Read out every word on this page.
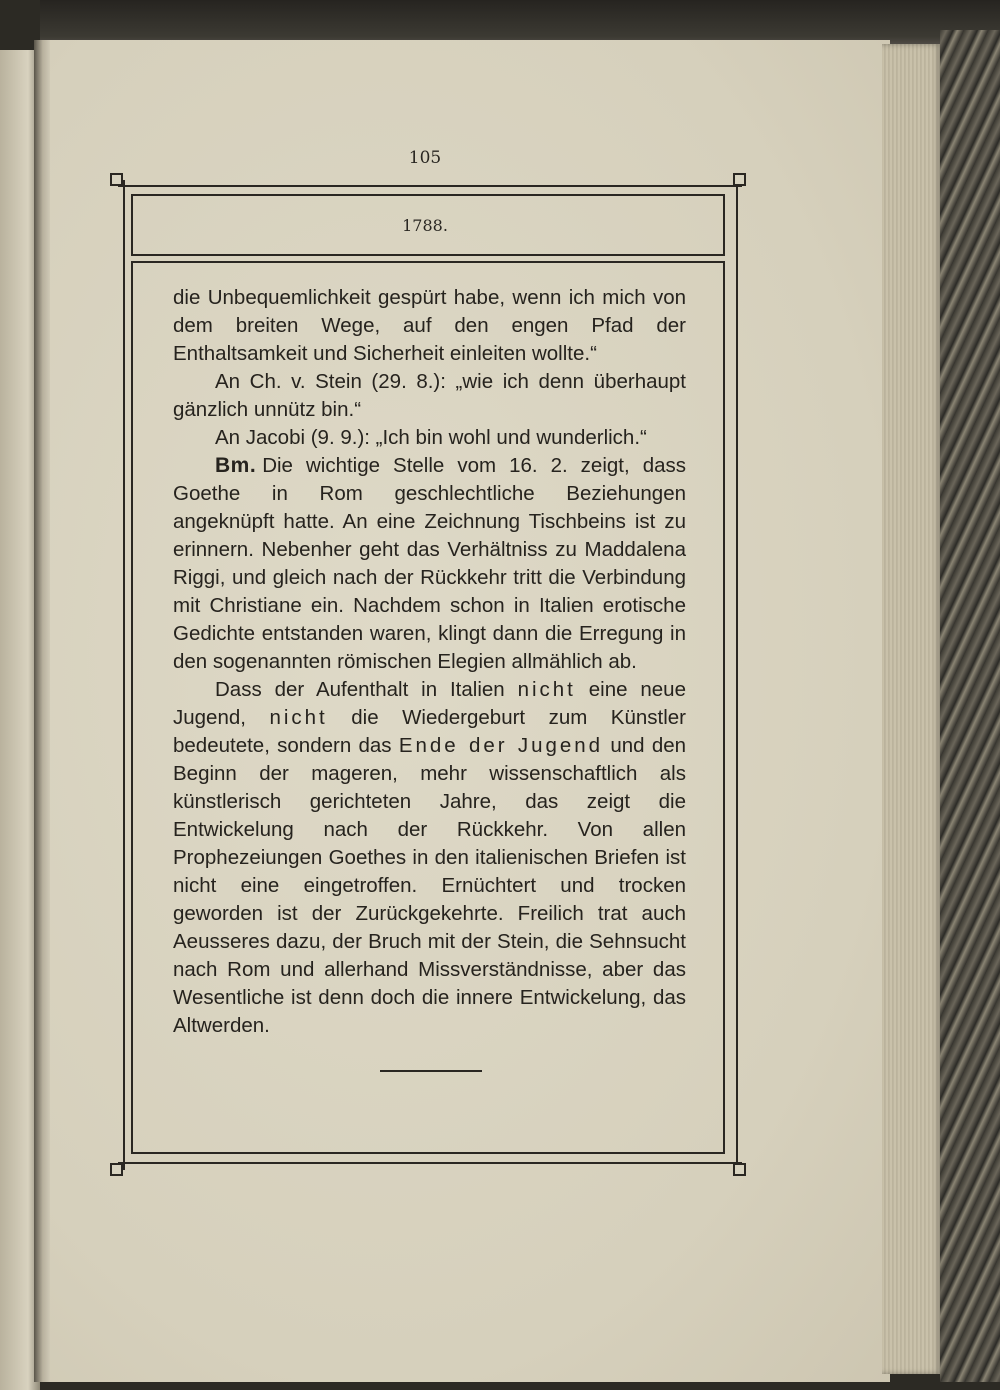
105
1788.

die Unbequemlichkeit gespürt habe, wenn ich mich von dem breiten Wege, auf den engen Pfad der Enthaltsamkeit und Sicherheit einleiten wollte.“

An Ch. v. Stein (29. 8.): „wie ich denn überhaupt gänzlich unnütz bin.“

An Jacobi (9. 9.): „Ich bin wohl und wunderlich.“

Bm. Die wichtige Stelle vom 16. 2. zeigt, dass Goethe in Rom geschlechtliche Beziehungen angeknüpft hatte. An eine Zeichnung Tischbeins ist zu erinnern. Nebenher geht das Verhältniss zu Maddalena Riggi, und gleich nach der Rückkehr tritt die Verbindung mit Christiane ein. Nachdem schon in Italien erotische Gedichte entstanden waren, klingt dann die Erregung in den sogenannten römischen Elegien allmählich ab.

Dass der Aufenthalt in Italien nicht eine neue Jugend, nicht die Wiedergeburt zum Künstler bedeutete, sondern das Ende der Jugend und den Beginn der mageren, mehr wissenschaftlich als künstlerisch gerichteten Jahre, das zeigt die Entwickelung nach der Rückkehr. Von allen Prophezeiungen Goethes in den italienischen Briefen ist nicht eine eingetroffen. Ernüchtert und trocken geworden ist der Zurückgekehrte. Freilich trat auch Aeusseres dazu, der Bruch mit der Stein, die Sehnsucht nach Rom und allerhand Missverständnisse, aber das Wesentliche ist denn doch die innere Entwickelung, das Altwerden.
